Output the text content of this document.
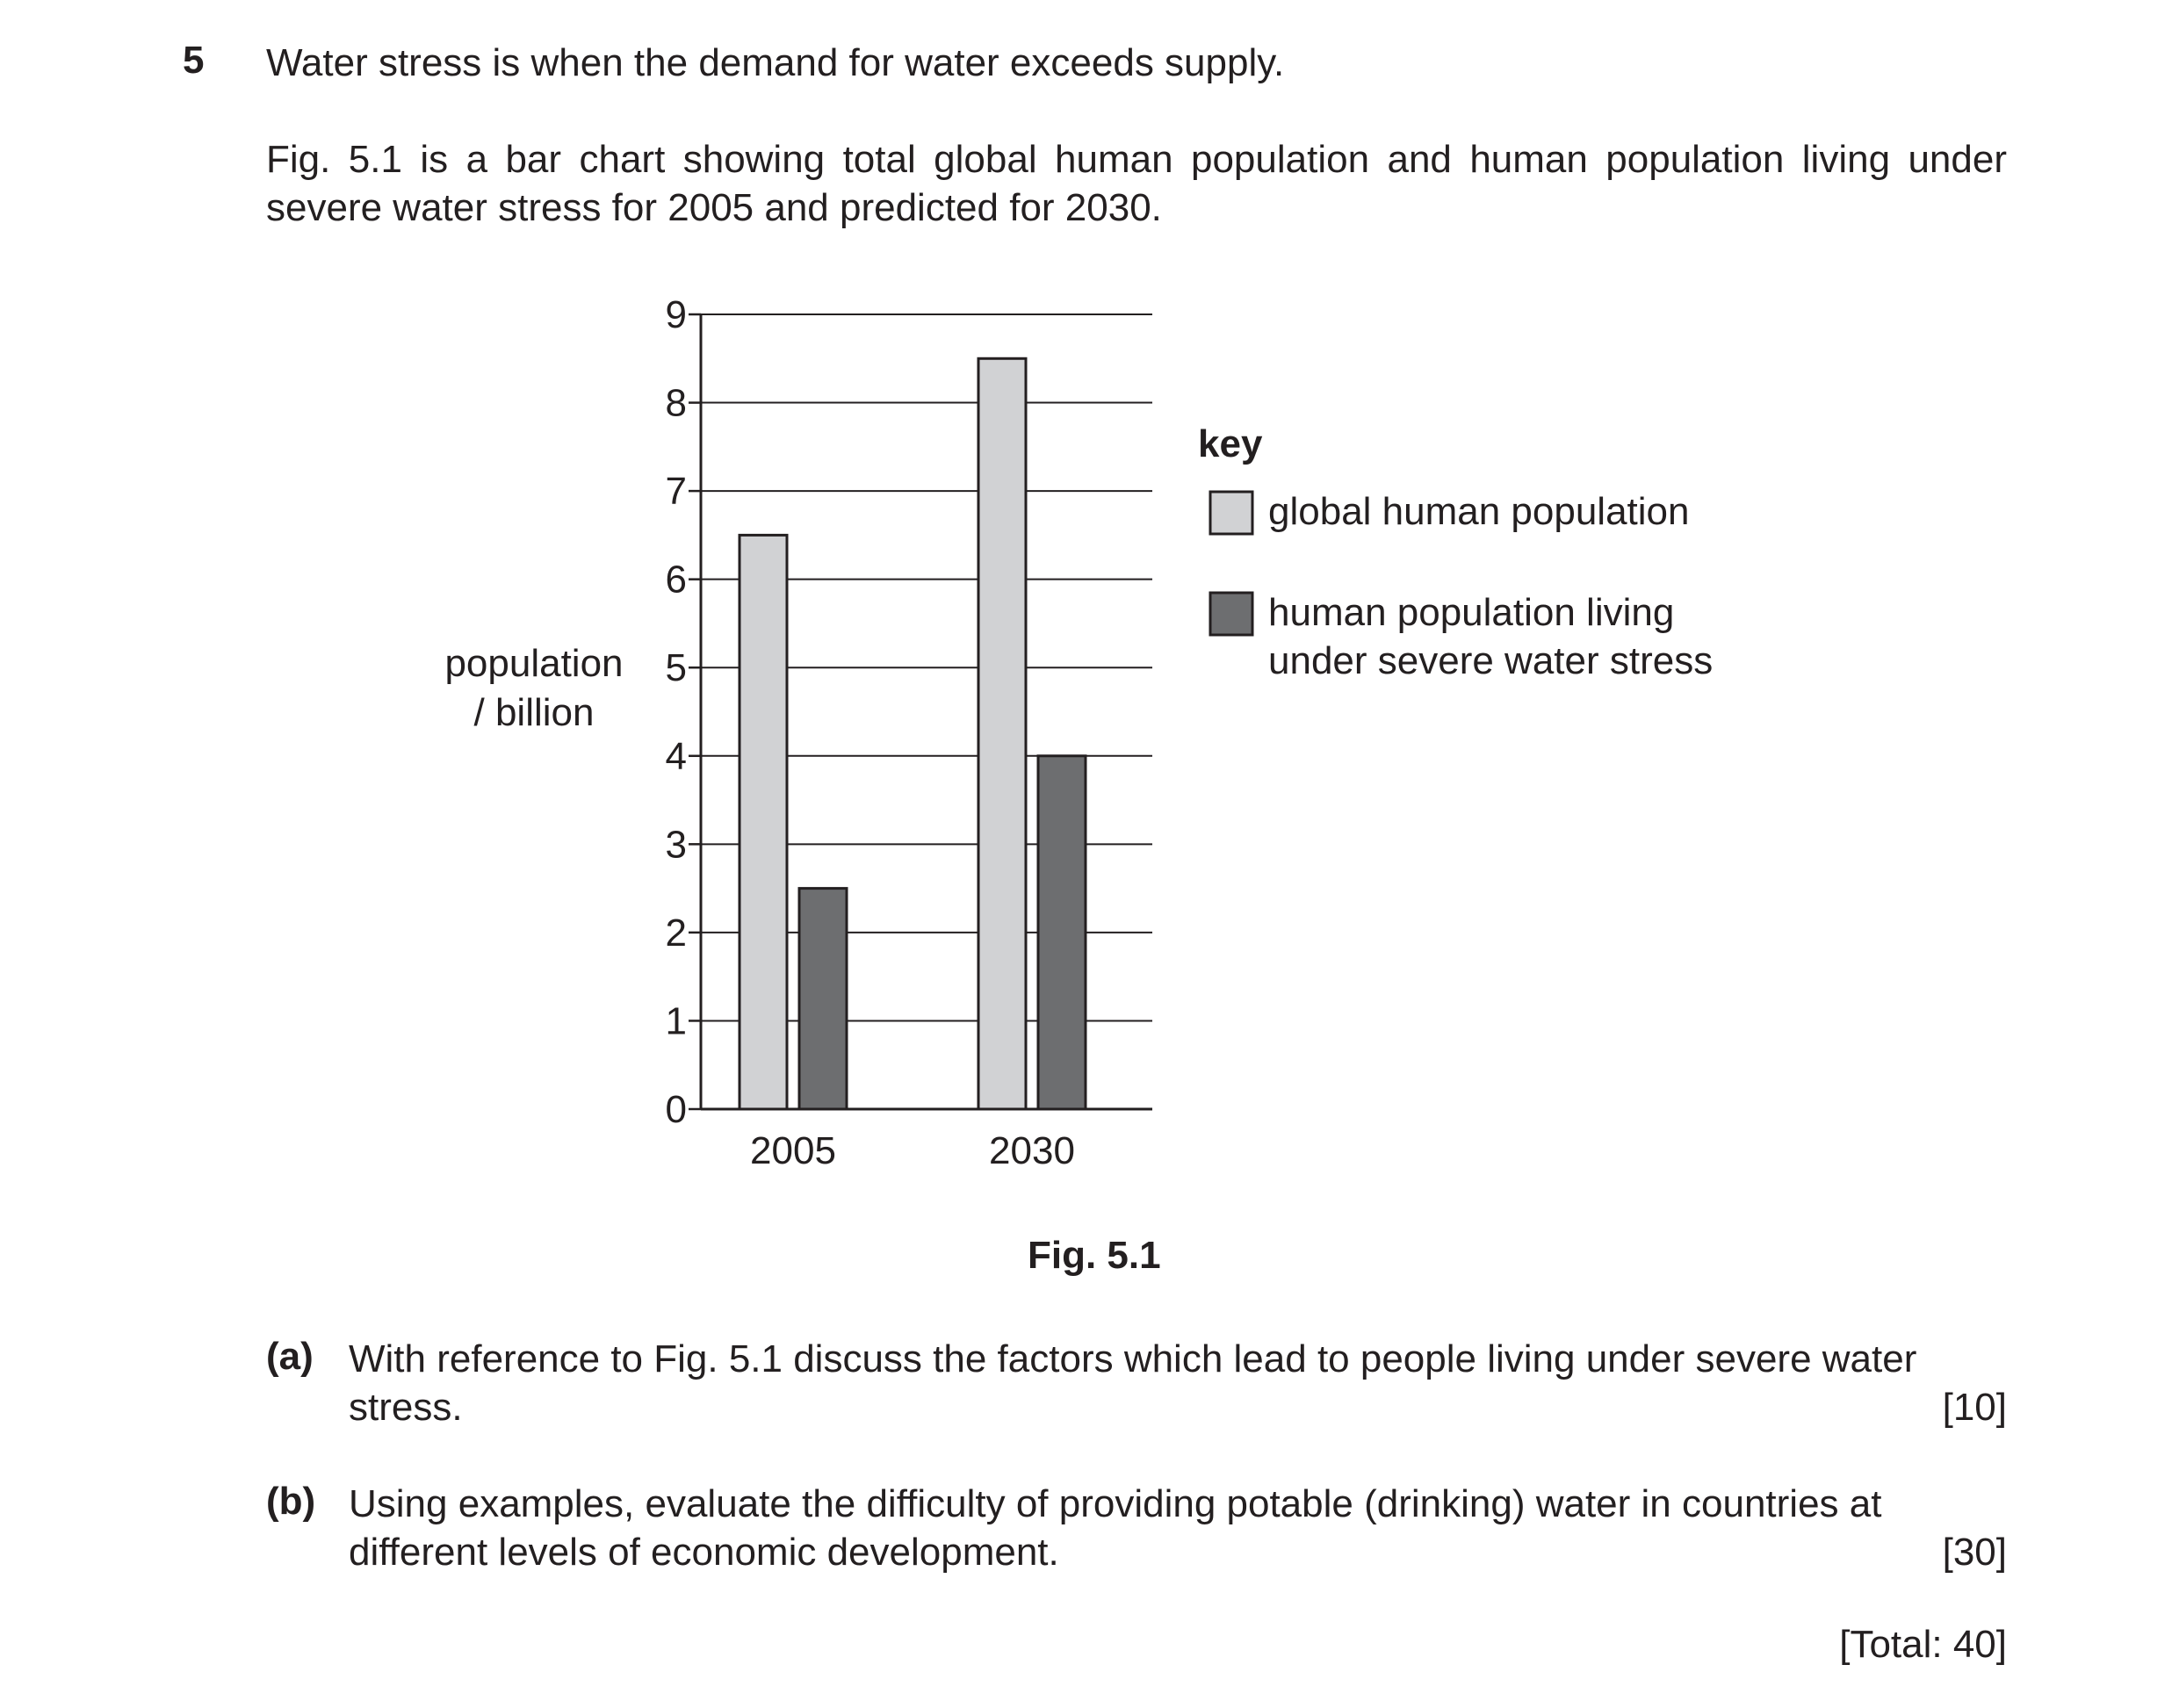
5 Water stress is when the demand for water exceeds supply.
Fig. 5.1 is a bar chart showing total global human population and human population living under severe water stress for 2005 and predicted for 2030.
0
1
2
3
4
5
6
7
8
9
2005	2030
population
/ billion
key
global human population
human population living
under severe water stress
Fig. 5.1
(a) With reference to Fig. 5.1 discuss the factors which lead to people living under severe water
stress.	[10]
(b) Using examples, evaluate the difficulty of providing potable (drinking) water in countries at
different levels of economic development.	[30]
[Total: 40]
